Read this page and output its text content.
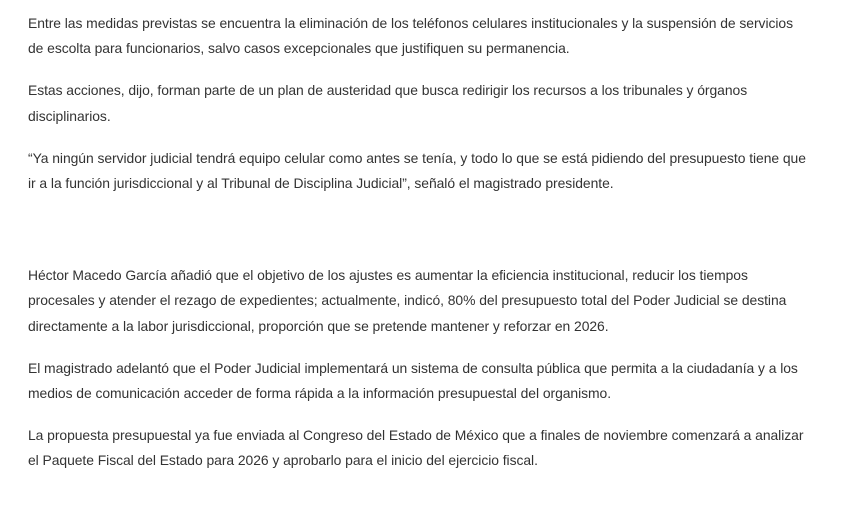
Entre las medidas previstas se encuentra la eliminación de los teléfonos celulares institucionales y la suspensión de servicios de escolta para funcionarios, salvo casos excepcionales que justifiquen su permanencia.

Estas acciones, dijo, forman parte de un plan de austeridad que busca redirigir los recursos a los tribunales y órganos disciplinarios.

“Ya ningún servidor judicial tendrá equipo celular como antes se tenía, y todo lo que se está pidiendo del presupuesto tiene que ir a la función jurisdiccional y al Tribunal de Disciplina Judicial”, señaló el magistrado presidente.

Héctor Macedo García añadió que el objetivo de los ajustes es aumentar la eficiencia institucional, reducir los tiempos procesales y atender el rezago de expedientes; actualmente, indicó, 80% del presupuesto total del Poder Judicial se destina directamente a la labor jurisdiccional, proporción que se pretende mantener y reforzar en 2026.

El magistrado adelantó que el Poder Judicial implementará un sistema de consulta pública que permita a la ciudadanía y a los medios de comunicación acceder de forma rápida a la información presupuestal del organismo.

La propuesta presupuestal ya fue enviada al Congreso del Estado de México que a finales de noviembre comenzará a analizar el Paquete Fiscal del Estado para 2026 y aprobarlo para el inicio del ejercicio fiscal.
